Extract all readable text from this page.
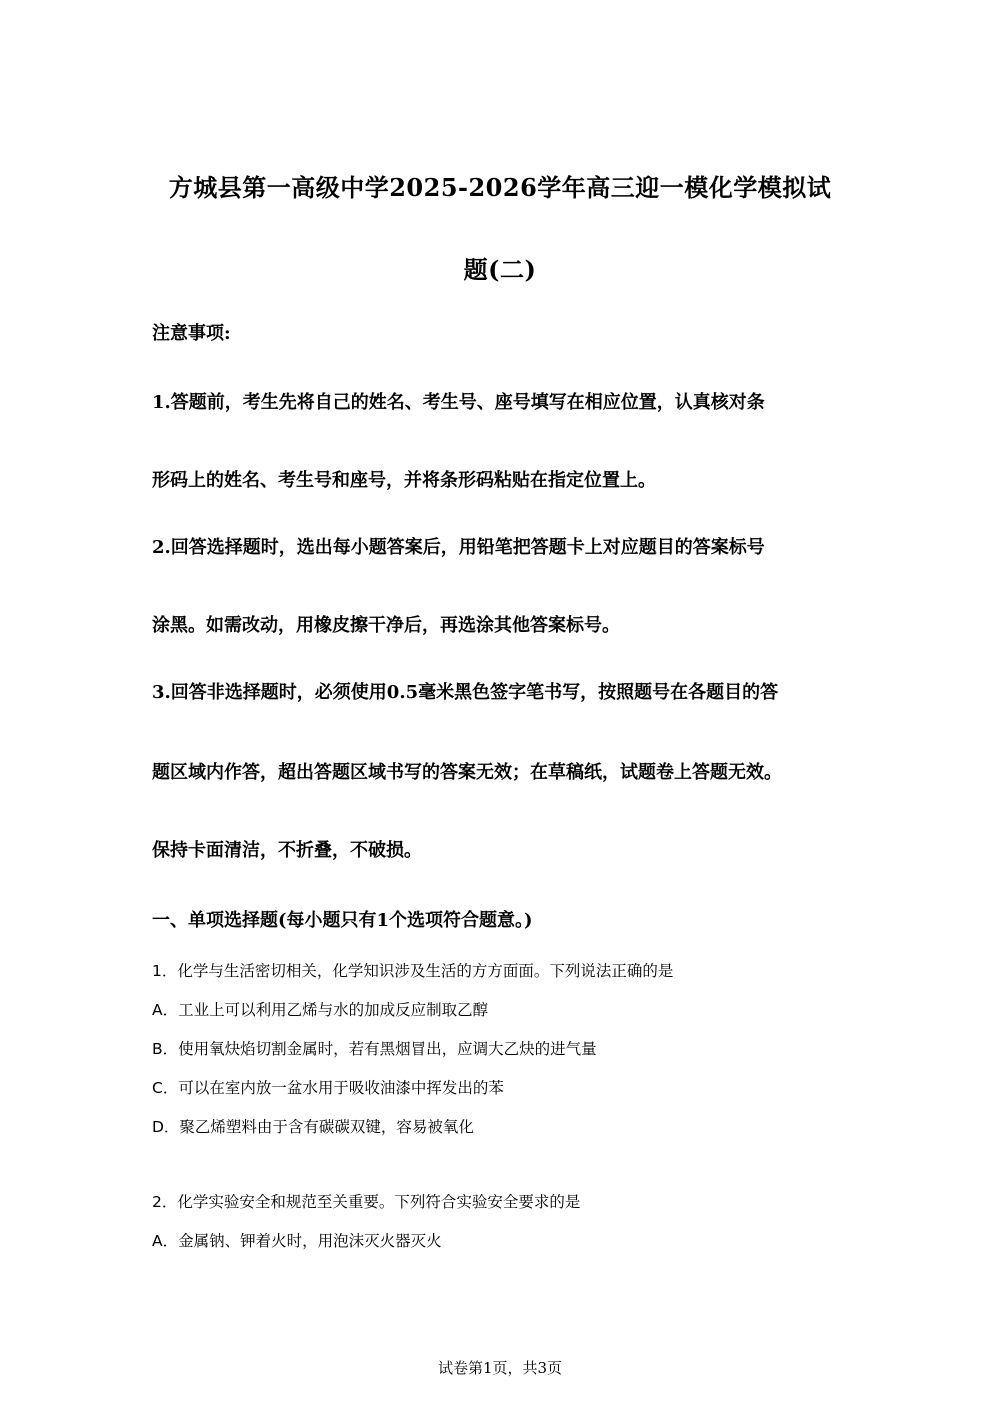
方城县第一高级中学2025-2026学年高三迎一模化学模拟试
题(二)
注意事项:
1.答题前，考生先将自己的姓名、考生号、座号填写在相应位置，认真核对条
形码上的姓名、考生号和座号，并将条形码粘贴在指定位置上。
2.回答选择题时，选出每小题答案后，用铅笔把答题卡上对应题目的答案标号
涂黑。如需改动，用橡皮擦干净后，再选涂其他答案标号。
3.回答非选择题时，必须使用0.5毫米黑色签字笔书写，按照题号在各题目的答
题区域内作答，超出答题区域书写的答案无效；在草稿纸，试题卷上答题无效。
保持卡面清洁，不折叠，不破损。
一、单项选择题(每小题只有1个选项符合题意。)
1．化学与生活密切相关，化学知识涉及生活的方方面面。下列说法正确的是
A．工业上可以利用乙烯与水的加成反应制取乙醇
B．使用氧炔焰切割金属时，若有黑烟冒出，应调大乙炔的进气量
C．可以在室内放一盆水用于吸收油漆中挥发出的苯
D．聚乙烯塑料由于含有碳碳双键，容易被氧化
2．化学实验安全和规范至关重要。下列符合实验安全要求的是
A．金属钠、钾着火时，用泡沫灭火器灭火
试卷第1页，共3页
